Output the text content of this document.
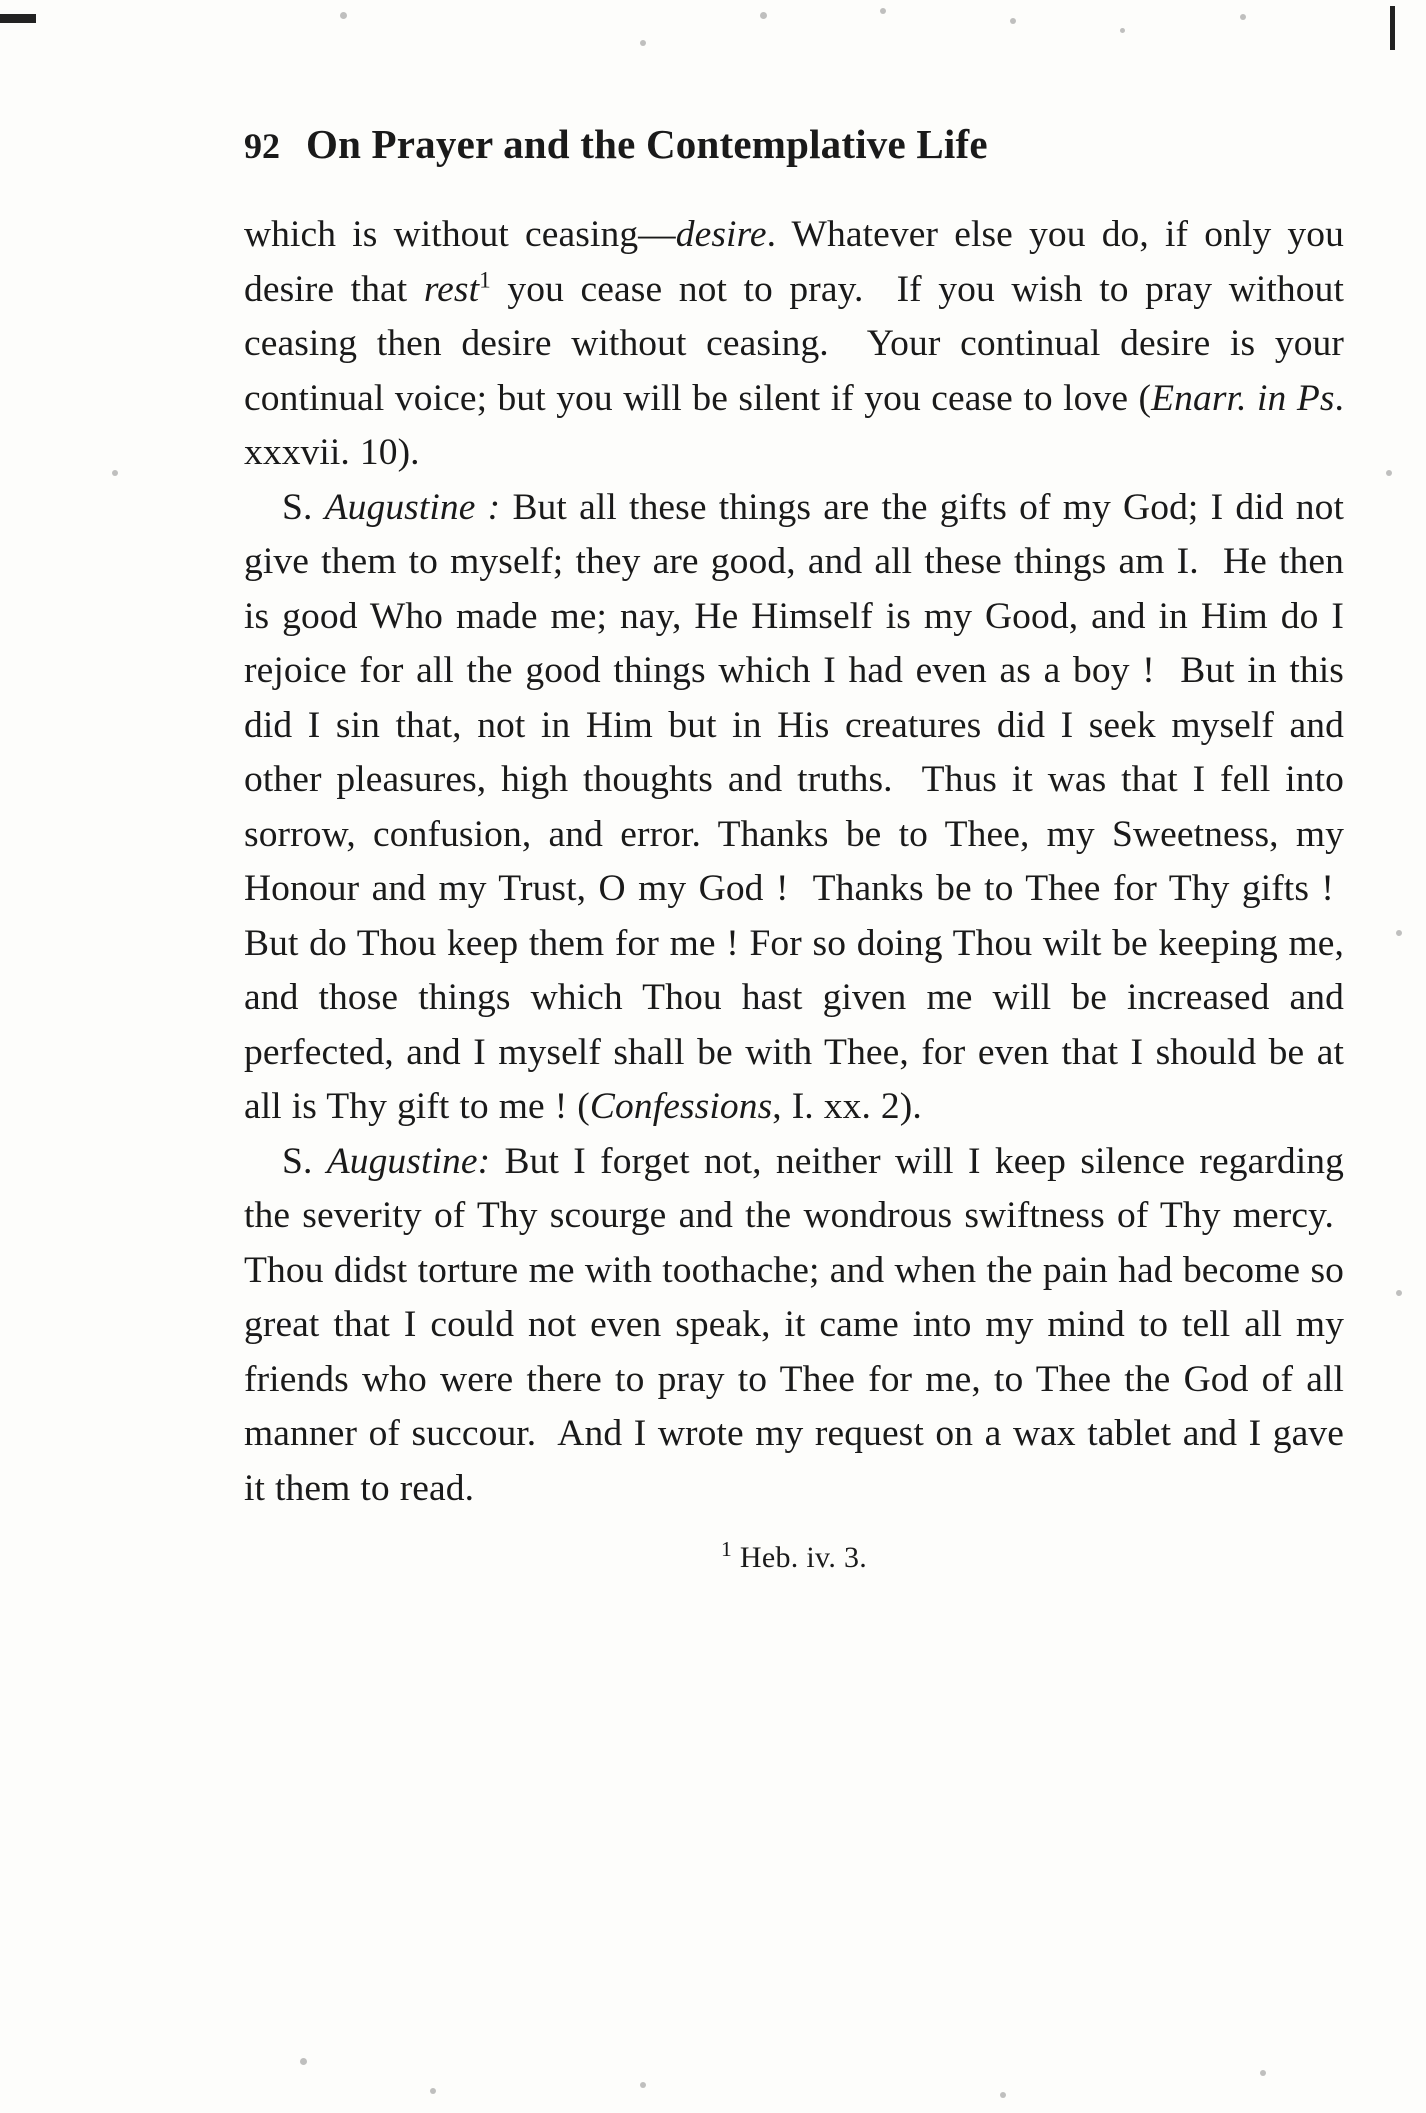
92 On Prayer and the Contemplative Life

which is without ceasing—desire. Whatever else you do, if only you desire that rest$^1$ you cease not to pray.  If you wish to pray without ceasing then desire without ceasing.  Your continual desire is your continual voice; but you will be silent if you cease to love (Enarr. in Ps. xxxvii. 10).

S. Augustine : But all these things are the gifts of my God; I did not give them to myself; they are good, and all these things am I.  He then is good Who made me; nay, He Himself is my Good, and in Him do I rejoice for all the good things which I had even as a boy !  But in this did I sin that, not in Him but in His creatures did I seek myself and other pleasures, high thoughts and truths.  Thus it was that I fell into sorrow, confusion, and error. Thanks be to Thee, my Sweetness, my Honour and my Trust, O my God !  Thanks be to Thee for Thy gifts !  But do Thou keep them for me ! For so doing Thou wilt be keeping me, and those things which Thou hast given me will be increased and perfected, and I myself shall be with Thee, for even that I should be at all is Thy gift to me ! (Confessions, I. xx. 2).

S. Augustine: But I forget not, neither will I keep silence regarding the severity of Thy scourge and the wondrous swiftness of Thy mercy.  Thou didst torture me with toothache; and when the pain had become so great that I could not even speak, it came into my mind to tell all my friends who were there to pray to Thee for me, to Thee the God of all manner of succour.  And I wrote my request on a wax tablet and I gave it them to read.

$^1$ Heb. iv. 3.
